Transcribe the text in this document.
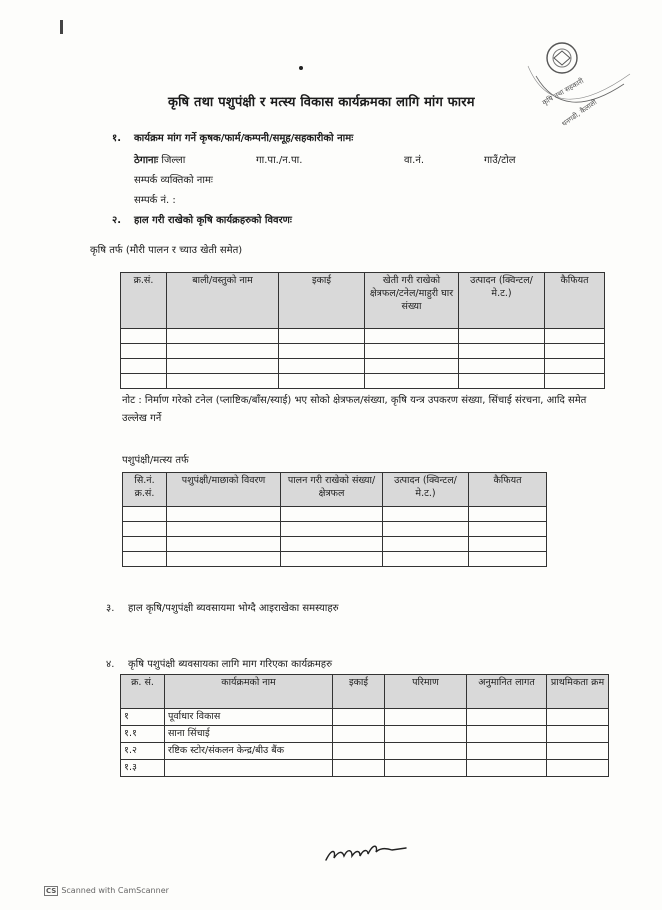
कृषि तथा सहकारी
धनगढी, कैलाली
कृषि तथा पशुपंक्षी र मत्स्य विकास कार्यक्रमका लागि मांग फारम
१. कार्यक्रम मांग गर्ने कृषक/फार्म/कम्पनी/समूह/सहकारीको नामः
ठेगानाः जिल्ला	गा.पा./न.पा.	वा.नं.	गाउँ/टोल
सम्पर्क व्यक्तिको नामः
सम्पर्क नं. :
२. हाल गरी राखेको कृषि कार्यक्रहरुको विवरणः
कृषि तर्फ (मौरी पालन र च्याउ खेती समेत)
क्र.सं.	बाली/वस्तुको नाम	इकाई	खेती गरी राखेको क्षेत्रफल/टनेल/माहुरी घार संख्या	उत्पादन (क्विन्टल/मे.ट.)	कैफियत

नोट : निर्माण गरेको टनेल (प्लाष्टिक/बाँस/स्याई) भए सोको क्षेत्रफल/संख्या, कृषि यन्त्र उपकरण संख्या, सिंचाई संरचना, आदि समेत उल्लेख गर्ने
पशुपंक्षी/मत्स्य तर्फ
सि.नं. क्र.सं.	पशुपंक्षी/माछाको विवरण	पालन गरी राखेको संख्या/क्षेत्रफल	उत्पादन (क्विन्टल/मे.ट.)	कैफियत

३. हाल कृषि/पशुपंक्षी ब्यवसायमा भोग्दै आइराखेका समस्याहरु
४. कृषि पशुपंक्षी ब्यवसायका लागि माग गरिएका कार्यक्रमहरु
क्र. सं.	कार्यक्रमको नाम	इकाई	परिमाण	अनुमानित लागत	प्राथमिकता क्रम
१	पूर्वाधार विकास				
१.१	साना सिंचाई				
१.२	रष्टिक स्टोर/संकलन केन्द्र/बीउ बैंक				
१.३					
CS Scanned with CamScanner
